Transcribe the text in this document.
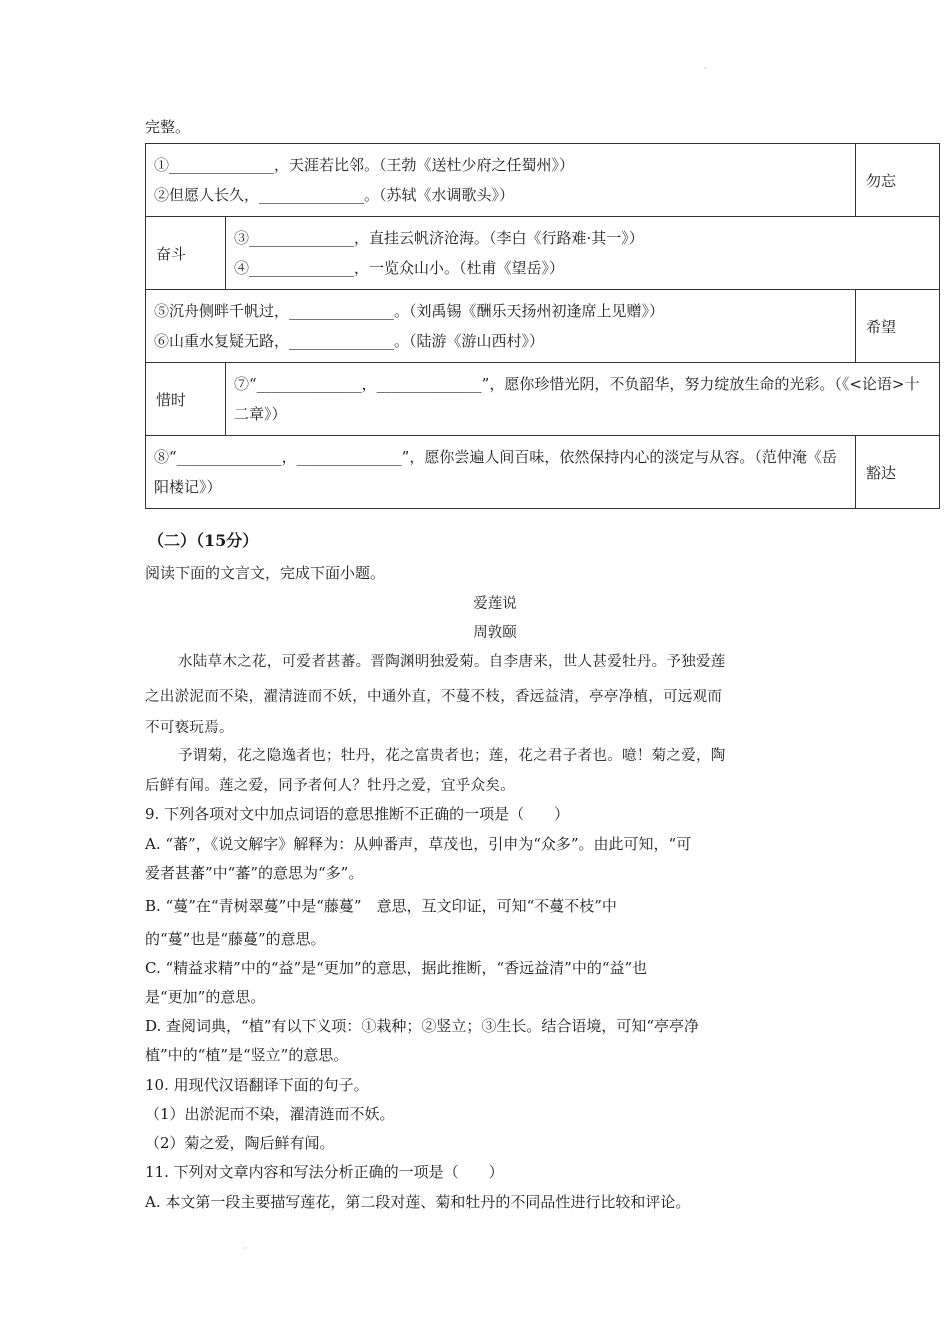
·
完整。
①______________，天涯若比邻。（王勃《送杜少府之任蜀州》）
②但愿人长久，______________。（苏轼《水调歌头》）		勿忘
奋斗	③______________，直挂云帆济沧海。（李白《行路难·其一》）
④______________，一览众山小。（杜甫《望岳》）	

⑤沉舟侧畔千帆过，______________。（刘禹锡《酬乐天扬州初逢席上见赠》）
⑥山重水复疑无路，______________。（陆游《游山西村》）		希望
惜时	⑦“______________，______________”，愿你珍惜光阴，不负韶华，努力绽放生命的光彩。（《<论语>十二章》）	
⑧“______________，______________”，愿你尝遍人间百味，依然保持内心的淡定与从容。（范仲淹《岳阳楼记》）		豁达
（二）（15分）
阅读下面的文言文，完成下面小题。
爱莲说
周敦颐
水陆草木之花，可爱者甚蕃。晋陶渊明独爱菊。自李唐来，世人甚爱牡丹。予独爱莲
之出淤泥而不染，濯清涟而不妖，中通外直，不蔓不枝，香远益清，亭亭净植，可远观而
不可亵玩焉。
予谓菊，花之隐逸者也；牡丹，花之富贵者也；莲，花之君子者也。噫！菊之爱，陶
后鲜有闻。莲之爱，同予者何人？牡丹之爱，宜乎众矣。
9. 下列各项对文中加点词语的意思推断不正确的一项是（　　）
A. “蕃”，《说文解字》解释为：从艸番声，草茂也，引申为“众多”。由此可知，“可
爱者甚蕃”中“蕃”的意思为“多”。
B. “蔓”在“青树翠蔓”中是“藤蔓”　意思，互文印证，可知“不蔓不枝”中
的“蔓”也是“藤蔓”的意思。
C. “精益求精”中的“益”是“更加”的意思，据此推断，“香远益清”中的“益”也
是“更加”的意思。
D. 查阅词典，“植”有以下义项：①栽种；②竖立；③生长。结合语境，可知“亭亭净
植”中的“植”是“竖立”的意思。
10. 用现代汉语翻译下面的句子。
（1）出淤泥而不染，濯清涟而不妖。
（2）菊之爱，陶后鲜有闻。
11. 下列对文章内容和写法分析正确的一项是（　　）
A. 本文第一段主要描写莲花，第二段对莲、菊和牡丹的不同品性进行比较和评论。
·
